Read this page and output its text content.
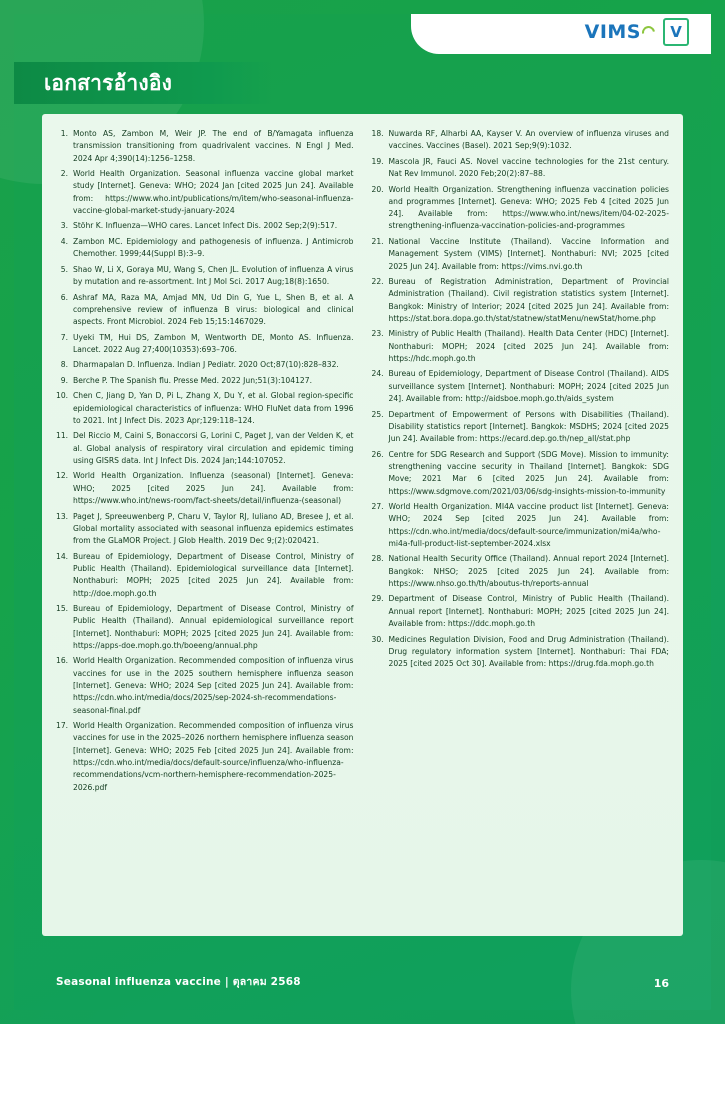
VIMS	V
เอกสารอ้างอิง
1. Monto AS, Zambon M, Weir JP. The end of B/Yamagata influenza transmission transitioning from quadrivalent vaccines. N Engl J Med. 2024 Apr 4;390(14):1256–1258.
2. World Health Organization. Seasonal influenza vaccine global market study [Internet]. Geneva: WHO; 2024 Jan [cited 2025 Jun 24]. Available from: https://www.who.int/publications/m/item/who-seasonal-influenza-vaccine-global-market-study-january-2024
3. Stöhr K. Influenza—WHO cares. Lancet Infect Dis. 2002 Sep;2(9):517.
4. Zambon MC. Epidemiology and pathogenesis of influenza. J Antimicrob Chemother. 1999;44(Suppl B):3–9.
5. Shao W, Li X, Goraya MU, Wang S, Chen JL. Evolution of influenza A virus by mutation and re-assortment. Int J Mol Sci. 2017 Aug;18(8):1650.
6. Ashraf MA, Raza MA, Amjad MN, Ud Din G, Yue L, Shen B, et al. A comprehensive review of influenza B virus: biological and clinical aspects. Front Microbiol. 2024 Feb 15;15:1467029.
7. Uyeki TM, Hui DS, Zambon M, Wentworth DE, Monto AS. Influenza. Lancet. 2022 Aug 27;400(10353):693–706.
8. Dharmapalan D. Influenza. Indian J Pediatr. 2020 Oct;87(10):828–832.
9. Berche P. The Spanish flu. Presse Med. 2022 Jun;51(3):104127.
10. Chen C, Jiang D, Yan D, Pi L, Zhang X, Du Y, et al. Global region-specific epidemiological characteristics of influenza: WHO FluNet data from 1996 to 2021. Int J Infect Dis. 2023 Apr;129:118–124.
11. Del Riccio M, Caini S, Bonaccorsi G, Lorini C, Paget J, van der Velden K, et al. Global analysis of respiratory viral circulation and epidemic timing using GISRS data. Int J Infect Dis. 2024 Jan;144:107052.
12. World Health Organization. Influenza (seasonal) [Internet]. Geneva: WHO; 2025 [cited 2025 Jun 24]. Available from: https://www.who.int/news-room/fact-sheets/detail/influenza-(seasonal)
13. Paget J, Spreeuwenberg P, Charu V, Taylor RJ, Iuliano AD, Bresee J, et al. Global mortality associated with seasonal influenza epidemics estimates from the GLaMOR Project. J Glob Health. 2019 Dec 9;(2):020421.
14. Bureau of Epidemiology, Department of Disease Control, Ministry of Public Health (Thailand). Epidemiological surveillance data [Internet]. Nonthaburi: MOPH; 2025 [cited 2025 Jun 24]. Available from: http://doe.moph.go.th
15. Bureau of Epidemiology, Department of Disease Control, Ministry of Public Health (Thailand). Annual epidemiological surveillance report [Internet]. Nonthaburi: MOPH; 2025 [cited 2025 Jun 24]. Available from: https://apps-doe.moph.go.th/boeeng/annual.php
16. World Health Organization. Recommended composition of influenza virus vaccines for use in the 2025 southern hemisphere influenza season [Internet]. Geneva: WHO; 2024 Sep [cited 2025 Jun 24]. Available from: https://cdn.who.int/media/docs/2025/sep-2024-sh-recommendations-seasonal-final.pdf
17. World Health Organization. Recommended composition of influenza virus vaccines for use in the 2025–2026 northern hemisphere influenza season [Internet]. Geneva: WHO; 2025 Feb [cited 2025 Jun 24]. Available from: https://cdn.who.int/media/docs/default-source/influenza/who-influenza-recommendations/vcm-northern-hemisphere-recommendation-2025-2026.pdf
18. Nuwarda RF, Alharbi AA, Kayser V. An overview of influenza viruses and vaccines. Vaccines (Basel). 2021 Sep;9(9):1032.
19. Mascola JR, Fauci AS. Novel vaccine technologies for the 21st century. Nat Rev Immunol. 2020 Feb;20(2):87–88.
20. World Health Organization. Strengthening influenza vaccination policies and programmes [Internet]. Geneva: WHO; 2025 Feb 4 [cited 2025 Jun 24]. Available from: https://www.who.int/news/item/04-02-2025-strengthening-influenza-vaccination-policies-and-programmes
21. National Vaccine Institute (Thailand). Vaccine Information and Management System (VIMS) [Internet]. Nonthaburi: NVI; 2025 [cited 2025 Jun 24]. Available from: https://vims.nvi.go.th
22. Bureau of Registration Administration, Department of Provincial Administration (Thailand). Civil registration statistics system [Internet]. Bangkok: Ministry of Interior; 2024 [cited 2025 Jun 24]. Available from: https://stat.bora.dopa.go.th/stat/statnew/statMenu/newStat/home.php
23. Ministry of Public Health (Thailand). Health Data Center (HDC) [Internet]. Nonthaburi: MOPH; 2024 [cited 2025 Jun 24]. Available from: https://hdc.moph.go.th
24. Bureau of Epidemiology, Department of Disease Control (Thailand). AIDS surveillance system [Internet]. Nonthaburi: MOPH; 2024 [cited 2025 Jun 24]. Available from: http://aidsboe.moph.go.th/aids_system
25. Department of Empowerment of Persons with Disabilities (Thailand). Disability statistics report [Internet]. Bangkok: MSDHS; 2024 [cited 2025 Jun 24]. Available from: https://ecard.dep.go.th/nep_all/stat.php
26. Centre for SDG Research and Support (SDG Move). Mission to immunity: strengthening vaccine security in Thailand [Internet]. Bangkok: SDG Move; 2021 Mar 6 [cited 2025 Jun 24]. Available from: https://www.sdgmove.com/2021/03/06/sdg-insights-mission-to-immunity
27. World Health Organization. MI4A vaccine product list [Internet]. Geneva: WHO; 2024 Sep [cited 2025 Jun 24]. Available from: https://cdn.who.int/media/docs/default-source/immunization/mi4a/who-mi4a-full-product-list-september-2024.xlsx
28. National Health Security Office (Thailand). Annual report 2024 [Internet]. Bangkok: NHSO; 2025 [cited 2025 Jun 24]. Available from: https://www.nhso.go.th/th/aboutus-th/reports-annual
29. Department of Disease Control, Ministry of Public Health (Thailand). Annual report [Internet]. Nonthaburi: MOPH; 2025 [cited 2025 Jun 24]. Available from: https://ddc.moph.go.th
30. Medicines Regulation Division, Food and Drug Administration (Thailand). Drug regulatory information system [Internet]. Nonthaburi: Thai FDA; 2025 [cited 2025 Oct 30]. Available from: https://drug.fda.moph.go.th
Seasonal influenza vaccine | ตุลาคม 2568	16
